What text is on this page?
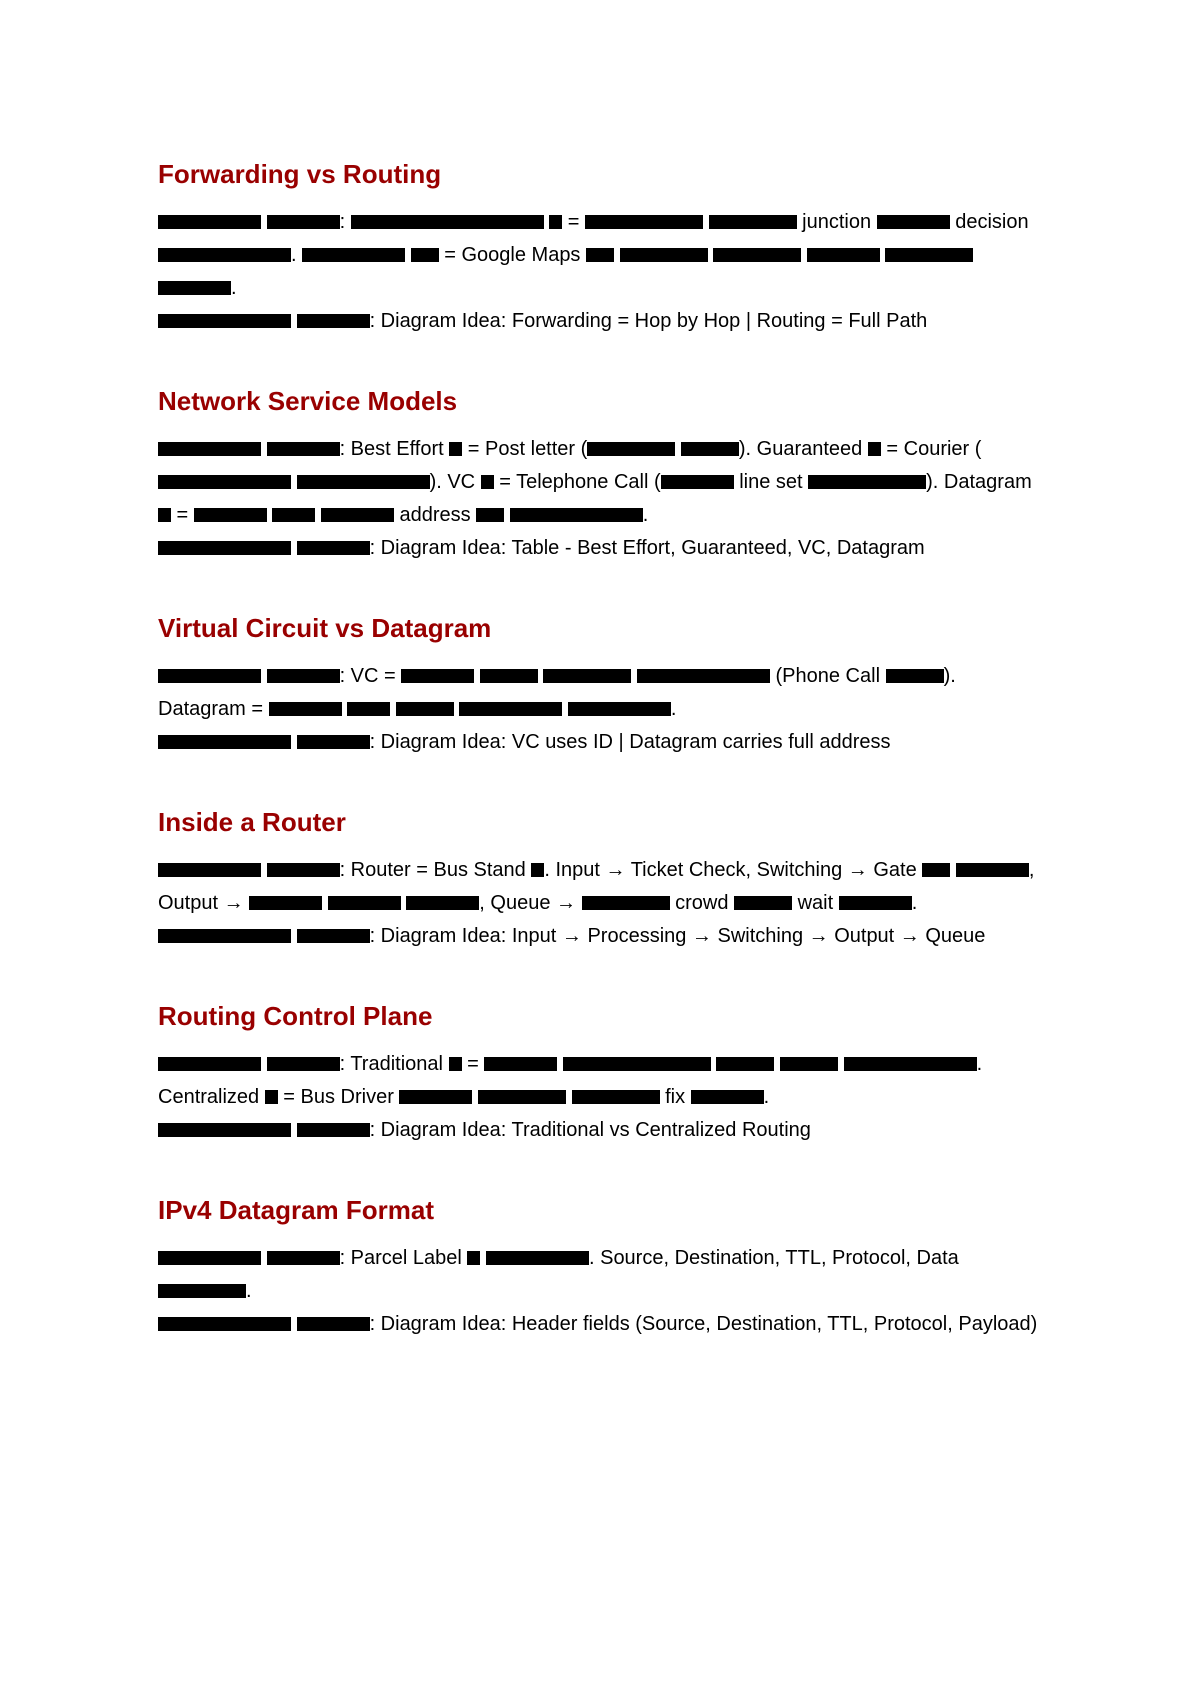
Forwarding vs Routing

:	=	junction	decision .	= Google Maps      .

: Diagram Idea: Forwarding = Hop by Hop | Routing = Full Path

Network Service Models

: Best Effort  = Post letter (	). Guaranteed  = Courier ( ). VC  = Telephone Call (	line set	). Datagram  =	address	.

: Diagram Idea: Table - Best Effort, Guaranteed, VC, Datagram

Virtual Circuit vs Datagram

: VC =	(Phone Call	). Datagram =	.

: Diagram Idea: VC uses ID | Datagram carries full address

Inside a Router

: Router = Bus Stand . Input → Ticket Check, Switching → Gate	, Output →	, Queue →	crowd	wait	.

: Diagram Idea: Input → Processing → Switching → Output → Queue

Routing Control Plane

: Traditional  =	. Centralized  = Bus Driver	fix	.

: Diagram Idea: Traditional vs Centralized Routing

IPv4 Datagram Format

: Parcel Label	. Source, Destination, TTL, Protocol, Data .

: Diagram Idea: Header fields (Source, Destination, TTL, Protocol, Payload)
